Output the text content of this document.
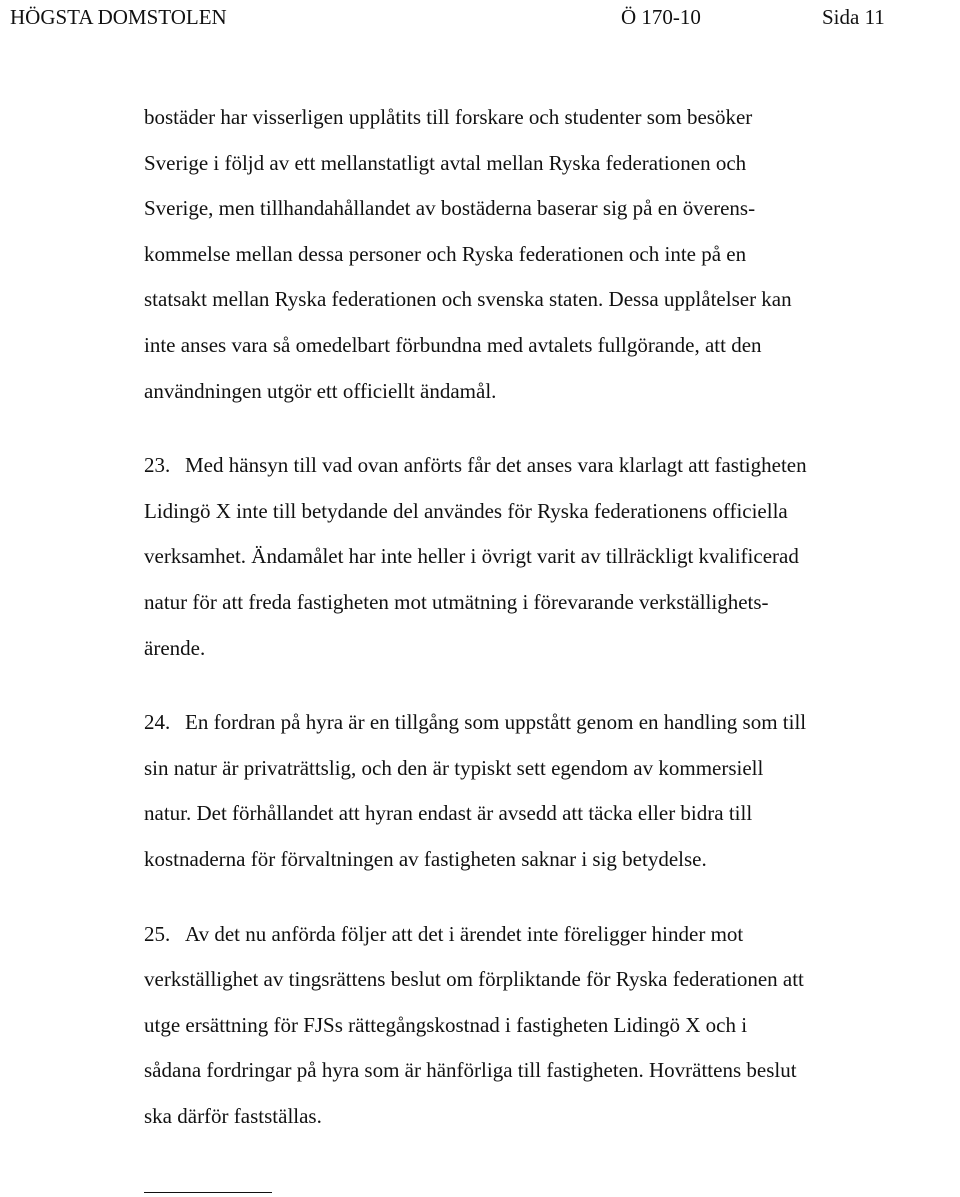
HÖGSTA DOMSTOLEN	Ö 170-10	Sida 11
bostäder har visserligen upplåtits till forskare och studenter som besöker
Sverige i följd av ett mellanstatligt avtal mellan Ryska federationen och
Sverige, men tillhandahållandet av bostäderna baserar sig på en överens-
kommelse mellan dessa personer och Ryska federationen och inte på en
statsakt mellan Ryska federationen och svenska staten. Dessa upplåtelser kan
inte anses vara så omedelbart förbundna med avtalets fullgörande, att den
användningen utgör ett officiellt ändamål.
23. Med hänsyn till vad ovan anförts får det anses vara klarlagt att fastigheten
Lidingö X inte till betydande del användes för Ryska federationens officiella
verksamhet. Ändamålet har inte heller i övrigt varit av tillräckligt kvalificerad
natur för att freda fastigheten mot utmätning i förevarande verkställighets-
ärende.
24. En fordran på hyra är en tillgång som uppstått genom en handling som till
sin natur är privaträttslig, och den är typiskt sett egendom av kommersiell
natur. Det förhållandet att hyran endast är avsedd att täcka eller bidra till
kostnaderna för förvaltningen av fastigheten saknar i sig betydelse.
25. Av det nu anförda följer att det i ärendet inte föreligger hinder mot
verkställighet av tingsrättens beslut om förpliktande för Ryska federationen att
utge ersättning för FJSs rättegångskostnad i fastigheten Lidingö X och i
sådana fordringar på hyra som är hänförliga till fastigheten. Hovrättens beslut
ska därför fastställas.
